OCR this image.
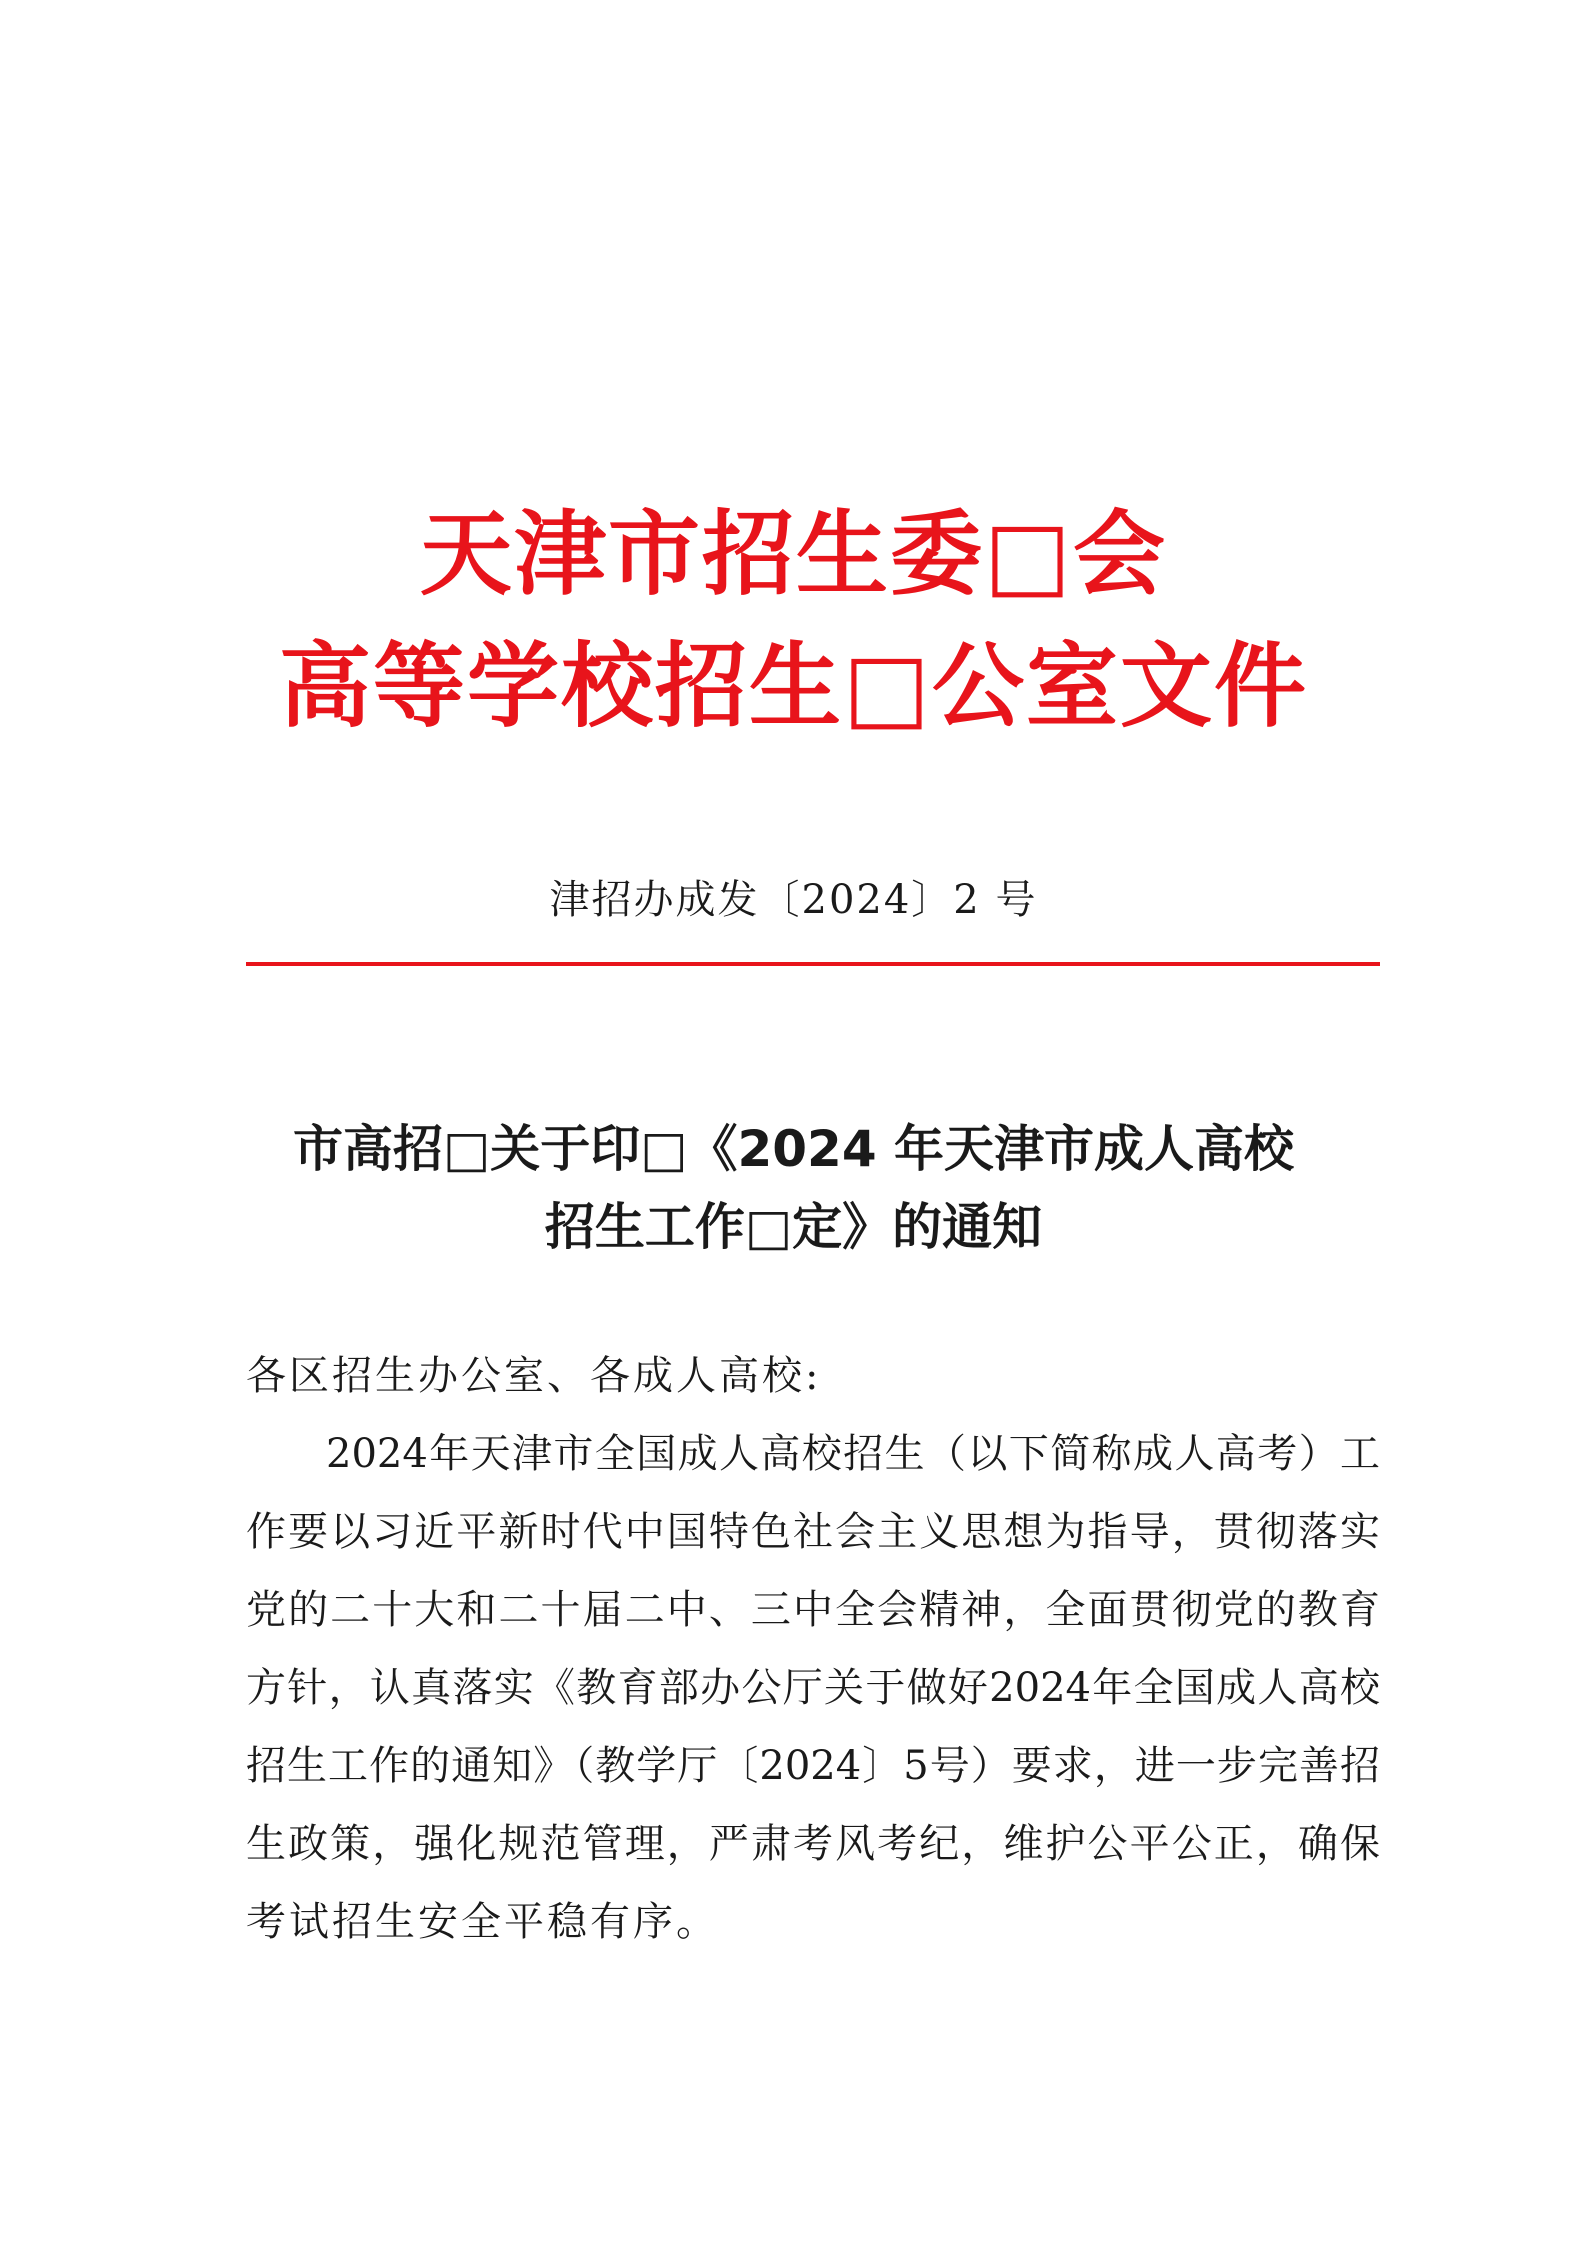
天津市招生委□会
高等学校招生□公室文件
津招办成发〔2024〕2 号
市高招□关于印□《2024 年天津市成人高校
招生工作□定》的通知
各区招生办公室、各成人高校:
2024年天津市全国成人高校招生（以下简称成人高考）工
作要以习近平新时代中国特色社会主义思想为指导，贯彻落实
党的二十大和二十届二中、三中全会精神，全面贯彻党的教育
方针，认真落实《教育部办公厅关于做好2024年全国成人高校
招生工作的通知》（教学厅〔2024〕5号）要求，进一步完善招
生政策，强化规范管理，严肃考风考纪，维护公平公正，确保
考试招生安全平稳有序。
